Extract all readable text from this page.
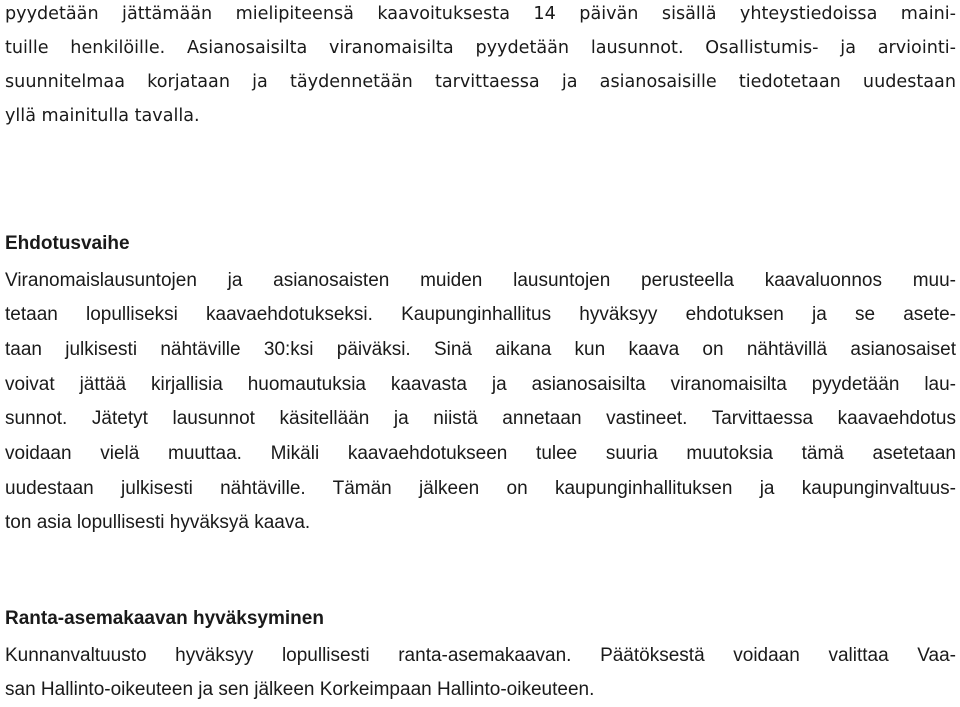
pyydetään jättämään mielipiteensä kaavoituksesta 14 päivän sisällä yhteystiedoissa maini-
tuille henkilöille. Asianosaisilta viranomaisilta pyydetään lausunnot. Osallistumis- ja arviointi-
suunnitelmaa korjataan ja täydennetään tarvittaessa ja asianosaisille tiedotetaan uudestaan
yllä mainitulla tavalla.
Ehdotusvaihe
Viranomaislausuntojen ja asianosaisten muiden lausuntojen perusteella kaavaluonnos muu-
tetaan lopulliseksi kaavaehdotukseksi. Kaupunginhallitus hyväksyy ehdotuksen ja se asete-
taan julkisesti nähtäville 30:ksi päiväksi. Sinä aikana kun kaava on nähtävillä asianosaiset
voivat jättää kirjallisia huomautuksia kaavasta ja asianosaisilta viranomaisilta pyydetään lau-
sunnot. Jätetyt lausunnot käsitellään ja niistä annetaan vastineet. Tarvittaessa kaavaehdotus
voidaan vielä muuttaa. Mikäli kaavaehdotukseen tulee suuria muutoksia tämä asetetaan
uudestaan julkisesti nähtäville. Tämän jälkeen on kaupunginhallituksen ja kaupunginvaltuus-
ton asia lopullisesti hyväksyä kaava.
Ranta-asemakaavan hyväksyminen
Kunnanvaltuusto hyväksyy lopullisesti ranta-asemakaavan. Päätöksestä voidaan valittaa Vaa-
san Hallinto-oikeuteen ja sen jälkeen Korkeimpaan Hallinto-oikeuteen.
